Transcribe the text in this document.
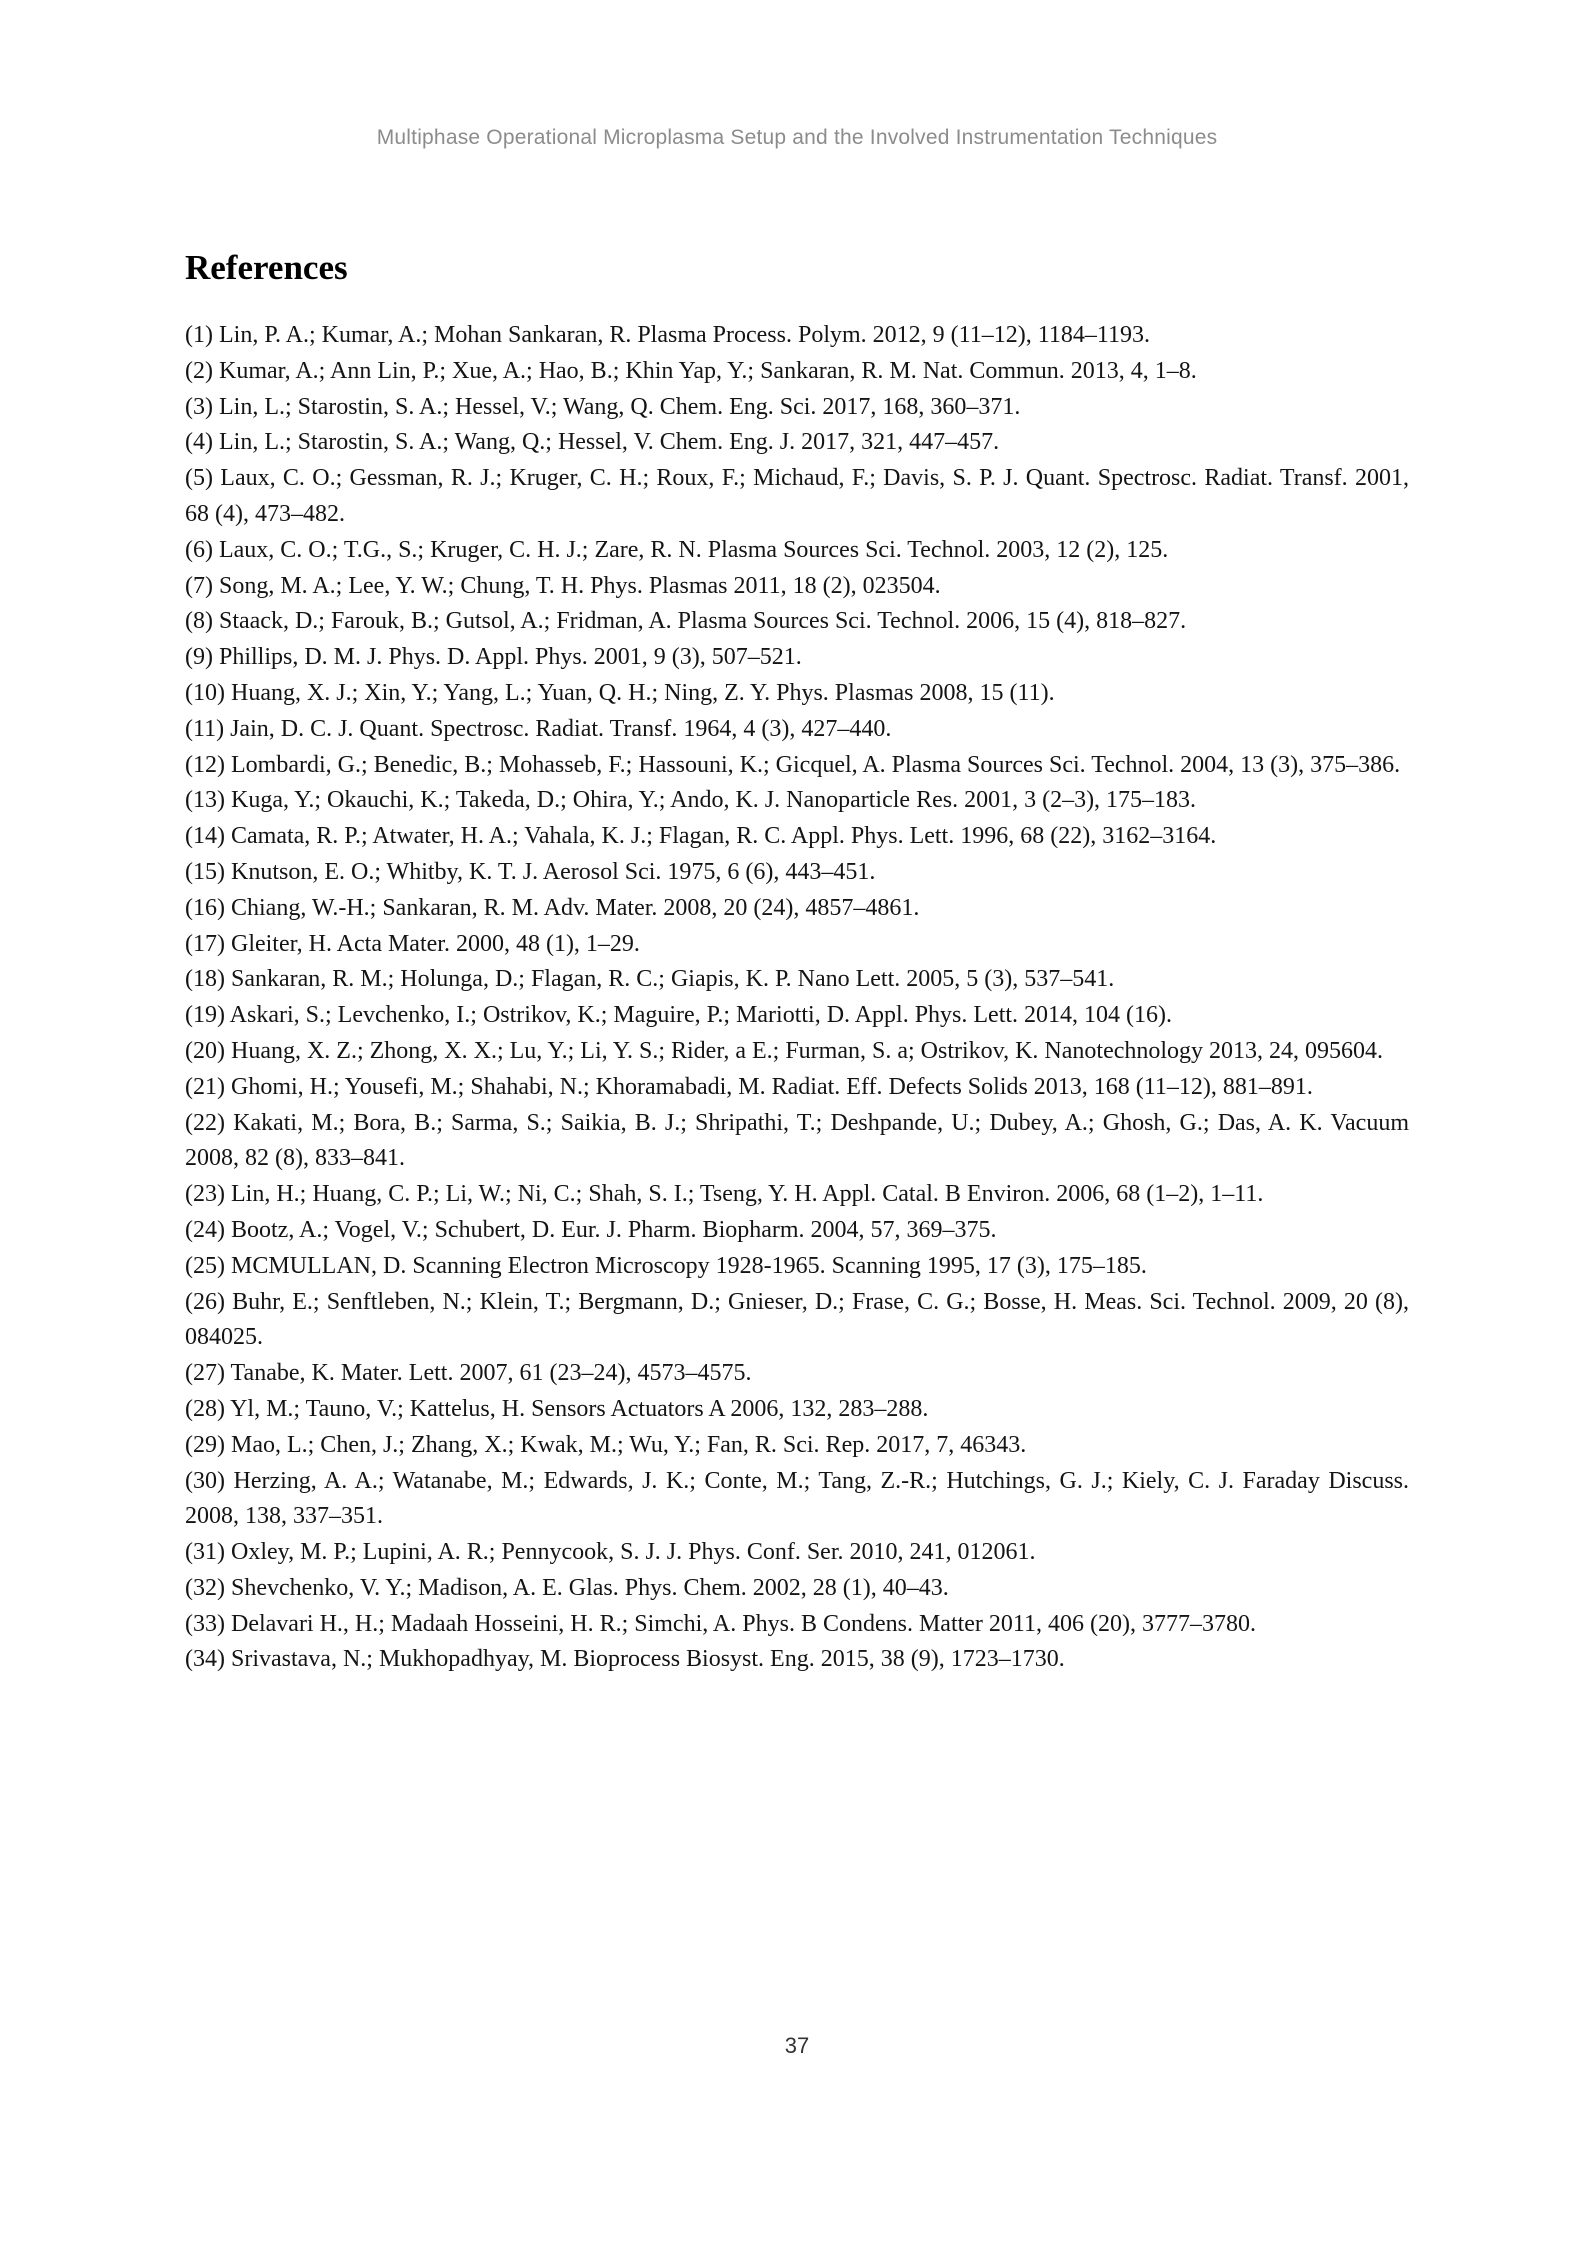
Multiphase Operational Microplasma Setup and the Involved Instrumentation Techniques
References

(1) Lin, P. A.; Kumar, A.; Mohan Sankaran, R. Plasma Process. Polym. 2012, 9 (11–12), 1184–1193.

(2) Kumar, A.; Ann Lin, P.; Xue, A.; Hao, B.; Khin Yap, Y.; Sankaran, R. M. Nat. Commun. 2013, 4, 1–8.

(3) Lin, L.; Starostin, S. A.; Hessel, V.; Wang, Q. Chem. Eng. Sci. 2017, 168, 360–371.

(4) Lin, L.; Starostin, S. A.; Wang, Q.; Hessel, V. Chem. Eng. J. 2017, 321, 447–457.

(5) Laux, C. O.; Gessman, R. J.; Kruger, C. H.; Roux, F.; Michaud, F.; Davis, S. P. J. Quant. Spectrosc. Radiat. Transf. 2001, 68 (4), 473–482.

(6) Laux, C. O.; T.G., S.; Kruger, C. H. J.; Zare, R. N. Plasma Sources Sci. Technol. 2003, 12 (2), 125.

(7) Song, M. A.; Lee, Y. W.; Chung, T. H. Phys. Plasmas 2011, 18 (2), 023504.

(8) Staack, D.; Farouk, B.; Gutsol, A.; Fridman, A. Plasma Sources Sci. Technol. 2006, 15 (4), 818–827.

(9) Phillips, D. M. J. Phys. D. Appl. Phys. 2001, 9 (3), 507–521.

(10) Huang, X. J.; Xin, Y.; Yang, L.; Yuan, Q. H.; Ning, Z. Y. Phys. Plasmas 2008, 15 (11).

(11) Jain, D. C. J. Quant. Spectrosc. Radiat. Transf. 1964, 4 (3), 427–440.

(12) Lombardi, G.; Benedic, B.; Mohasseb, F.; Hassouni, K.; Gicquel, A. Plasma Sources Sci. Technol. 2004, 13 (3), 375–386.

(13) Kuga, Y.; Okauchi, K.; Takeda, D.; Ohira, Y.; Ando, K. J. Nanoparticle Res. 2001, 3 (2–3), 175–183.

(14) Camata, R. P.; Atwater, H. A.; Vahala, K. J.; Flagan, R. C. Appl. Phys. Lett. 1996, 68 (22), 3162–3164.

(15) Knutson, E. O.; Whitby, K. T. J. Aerosol Sci. 1975, 6 (6), 443–451.

(16) Chiang, W.-H.; Sankaran, R. M. Adv. Mater. 2008, 20 (24), 4857–4861.

(17) Gleiter, H. Acta Mater. 2000, 48 (1), 1–29.

(18) Sankaran, R. M.; Holunga, D.; Flagan, R. C.; Giapis, K. P. Nano Lett. 2005, 5 (3), 537–541.

(19) Askari, S.; Levchenko, I.; Ostrikov, K.; Maguire, P.; Mariotti, D. Appl. Phys. Lett. 2014, 104 (16).

(20) Huang, X. Z.; Zhong, X. X.; Lu, Y.; Li, Y. S.; Rider, a E.; Furman, S. a; Ostrikov, K. Nanotechnology 2013, 24, 095604.

(21) Ghomi, H.; Yousefi, M.; Shahabi, N.; Khoramabadi, M. Radiat. Eff. Defects Solids 2013, 168 (11–12), 881–891.

(22) Kakati, M.; Bora, B.; Sarma, S.; Saikia, B. J.; Shripathi, T.; Deshpande, U.; Dubey, A.; Ghosh, G.; Das, A. K. Vacuum 2008, 82 (8), 833–841.

(23) Lin, H.; Huang, C. P.; Li, W.; Ni, C.; Shah, S. I.; Tseng, Y. H. Appl. Catal. B Environ. 2006, 68 (1–2), 1–11.

(24) Bootz, A.; Vogel, V.; Schubert, D. Eur. J. Pharm. Biopharm. 2004, 57, 369–375.

(25) MCMULLAN, D. Scanning Electron Microscopy 1928-1965. Scanning 1995, 17 (3), 175–185.

(26) Buhr, E.; Senftleben, N.; Klein, T.; Bergmann, D.; Gnieser, D.; Frase, C. G.; Bosse, H. Meas. Sci. Technol. 2009, 20 (8), 084025.

(27) Tanabe, K. Mater. Lett. 2007, 61 (23–24), 4573–4575.

(28) Yl, M.; Tauno, V.; Kattelus, H. Sensors Actuators A 2006, 132, 283–288.

(29) Mao, L.; Chen, J.; Zhang, X.; Kwak, M.; Wu, Y.; Fan, R. Sci. Rep. 2017, 7, 46343.

(30) Herzing, A. A.; Watanabe, M.; Edwards, J. K.; Conte, M.; Tang, Z.-R.; Hutchings, G. J.; Kiely, C. J. Faraday Discuss. 2008, 138, 337–351.

(31) Oxley, M. P.; Lupini, A. R.; Pennycook, S. J. J. Phys. Conf. Ser. 2010, 241, 012061.

(32) Shevchenko, V. Y.; Madison, A. E. Glas. Phys. Chem. 2002, 28 (1), 40–43.

(33) Delavari H., H.; Madaah Hosseini, H. R.; Simchi, A. Phys. B Condens. Matter 2011, 406 (20), 3777–3780.

(34) Srivastava, N.; Mukhopadhyay, M. Bioprocess Biosyst. Eng. 2015, 38 (9), 1723–1730.

37
